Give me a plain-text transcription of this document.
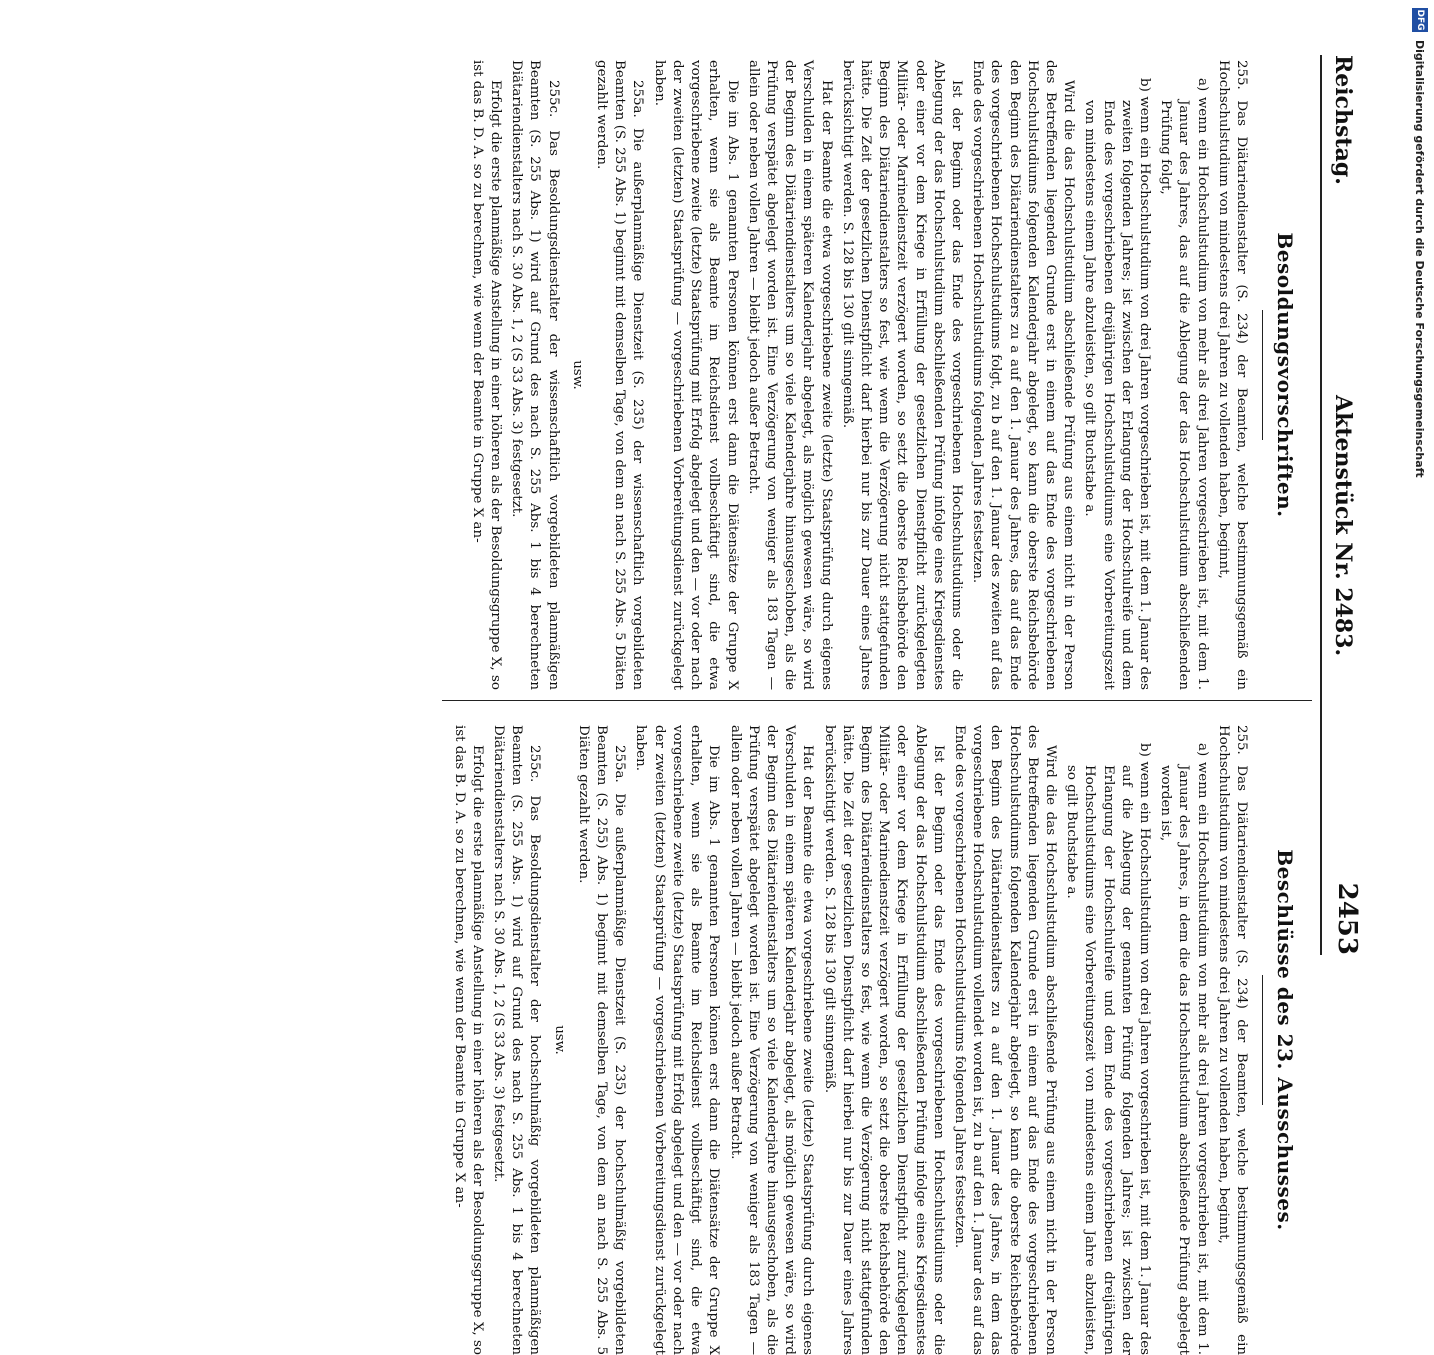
Reichstag.
Aktenstück Nr. 2483.
2453
Besoldungsvorschriften.

255. Das Diätariendienstalter (S. 234) der Beamten, welche bestimmungsgemäß ein Hochschulstudium von mindestens drei Jahren zu vollenden haben, beginnt,

a) wenn ein Hochschulstudium von mehr als drei Jahren vorgeschrieben ist, mit dem 1. Januar des Jahres, das auf die Ablegung der das Hochschulstudium abschließenden Prüfung folgt,

b) wenn ein Hochschulstudium von drei Jahren vorgeschrieben ist, mit dem 1. Januar des zweiten folgenden Jahres; ist zwischen der Erlangung der Hochschulreife und dem Ende des vorgeschriebenen dreijährigen Hochschulstudiums eine Vorbereitungszeit von mindestens einem Jahre abzuleisten, so gilt Buchstabe a.

Wird die das Hochschulstudium abschließende Prüfung aus einem nicht in der Person des Betreffenden liegenden Grunde erst in einem auf das Ende des vorgeschriebenen Hochschulstudiums folgenden Kalenderjahr abgelegt, so kann die oberste Reichsbehörde den Beginn des Diätariendienstalters zu a auf den 1. Januar des Jahres, das auf das Ende des vorgeschriebenen Hochschulstudiums folgt, zu b auf den 1. Januar des zweiten auf das Ende des vorgeschriebenen Hochschulstudiums folgenden Jahres festsetzen.

Ist der Beginn oder das Ende des vorgeschriebenen Hochschulstudiums oder die Ablegung der das Hochschulstudium abschließenden Prüfung infolge eines Kriegsdienstes oder einer vor dem Kriege in Erfüllung der gesetzlichen Dienstpflicht zurückgelegten Militär- oder Marinedienstzeit verzögert worden, so setzt die oberste Reichsbehörde den Beginn des Diätariendienstalters so fest, wie wenn die Verzögerung nicht stattgefunden hätte. Die Zeit der gesetzlichen Dienstpflicht darf hierbei nur bis zur Dauer eines Jahres berücksichtigt werden. S. 128 bis 130 gilt sinngemäß.

Hat der Beamte die etwa vorgeschriebene zweite (letzte) Staatsprüfung durch eigenes Verschulden in einem späteren Kalenderjahr abgelegt, als möglich gewesen wäre, so wird der Beginn des Diätariendienstalters um so viele Kalenderjahre hinausgeschoben, als die Prüfung verspätet abgelegt worden ist. Eine Verzögerung von weniger als 183 Tagen — allein oder neben vollen Jahren — bleibt jedoch außer Betracht.

Die im Abs. 1 genannten Personen können erst dann die Diätensätze der Gruppe X erhalten, wenn sie als Beamte im Reichsdienst vollbeschäftigt sind, die etwa vorgeschriebene zweite (letzte) Staatsprüfung mit Erfolg abgelegt und den — vor oder nach der zweiten (letzten) Staatsprüfung — vorgeschriebenen Vorbereitungsdienst zurückgelegt haben.

255a. Die außerplanmäßige Dienstzeit (S. 235) der wissenschaftlich vorgebildeten Beamten (S. 255 Abs. 1) beginnt mit demselben Tage, von dem an nach S. 255 Abs. 5 Diäten gezahlt werden.

usw.

255c. Das Besoldungsdienstalter der wissenschaftlich vorgebildeten planmäßigen Beamten (S. 255 Abs. 1) wird auf Grund des nach S. 255 Abs. 1 bis 4 berechneten Diätariendienstalters nach S. 30 Abs. 1, 2 (S 33 Abs. 3) festgesetzt.

Erfolgt die erste planmäßige Anstellung in einer höheren als der Besoldungsgruppe X, so ist das B. D. A. so zu berechnen, wie wenn der Beamte in Gruppe X an-

Beschlüsse des 23. Ausschusses.

255. Das Diätariendienstalter (S. 234) der Beamten, welche bestimmungsgemäß ein Hochschulstudium von mindestens drei Jahren zu vollenden haben, beginnt,

a) wenn ein Hochschulstudium von mehr als drei Jahren vorgeschrieben ist, mit dem 1. Januar des Jahres, in dem die das Hochschulstudium abschließende Prüfung abgelegt worden ist,

b) wenn ein Hochschulstudium von drei Jahren vorgeschrieben ist, mit dem 1. Januar des auf die Ablegung der genannten Prüfung folgenden Jahres; ist zwischen der Erlangung der Hochschulreife und dem Ende des vorgeschriebenen dreijährigen Hochschulstudiums eine Vorbereitungszeit von mindestens einem Jahre abzuleisten, so gilt Buchstabe a.

Wird die das Hochschulstudium abschließende Prüfung aus einem nicht in der Person des Betreffenden liegenden Grunde erst in einem auf das Ende des vorgeschriebenen Hochschulstudiums folgenden Kalenderjahr abgelegt, so kann die oberste Reichsbehörde den Beginn des Diätariendienstalters zu a auf den 1. Januar des Jahres, in dem das vorgeschriebene Hochschulstudium vollendet worden ist, zu b auf den 1. Januar des auf das Ende des vorgeschriebenen Hochschulstudiums folgenden Jahres festsetzen.

Ist der Beginn oder das Ende des vorgeschriebenen Hochschulstudiums oder die Ablegung der das Hochschulstudium abschließenden Prüfung infolge eines Kriegsdienstes oder einer vor dem Kriege in Erfüllung der gesetzlichen Dienstpflicht zurückgelegten Militär- oder Marinedienstzeit verzögert worden, so setzt die oberste Reichsbehörde den Beginn des Diätariendienstalters so fest, wie wenn die Verzögerung nicht stattgefunden hätte. Die Zeit der gesetzlichen Dienstpflicht darf hierbei nur bis zur Dauer eines Jahres berücksichtigt werden. S. 128 bis 130 gilt sinngemäß.

Hat der Beamte die etwa vorgeschriebene zweite (letzte) Staatsprüfung durch eigenes Verschulden in einem späteren Kalenderjahr abgelegt, als möglich gewesen wäre, so wird der Beginn des Diätariendienstalters um so viele Kalenderjahre hinausgeschoben, als die Prüfung verspätet abgelegt worden ist. Eine Verzögerung von weniger als 183 Tagen — allein oder neben vollen Jahren — bleibt jedoch außer Betracht.

Die im Abs. 1 genannten Personen können erst dann die Diätensätze der Gruppe X erhalten, wenn sie als Beamte im Reichsdienst vollbeschäftigt sind, die etwa vorgeschriebene zweite (letzte) Staatsprüfung mit Erfolg abgelegt und den — vor oder nach der zweiten (letzten) Staatsprüfung — vorgeschriebenen Vorbereitungsdienst zurückgelegt haben.

255a. Die außerplanmäßige Dienstzeit (S. 235) der hochschulmäßig vorgebildeten Beamten (S. 255) Abs. 1) beginnt mit demselben Tage, von dem an nach S. 255 Abs. 5 Diäten gezahlt werden.

usw.

255c. Das Besoldungsdienstalter der hochschulmäßig vorgebildeten planmäßigen Beamten (S. 255 Abs. 1) wird auf Grund des nach S. 255 Abs. 1 bis 4 berechneten Diätariendienstalters nach S. 30 Abs. 1, 2 (S 33 Abs. 3) festgesetzt.

Erfolgt die erste planmäßige Anstellung in einer höheren als der Besoldungsgruppe X, so ist das B. D. A. so zu berechnen, wie wenn der Beamte in Gruppe X an-

DFG
Digitalisierung gefördert durch die Deutsche Forschungsgemeinschaft
